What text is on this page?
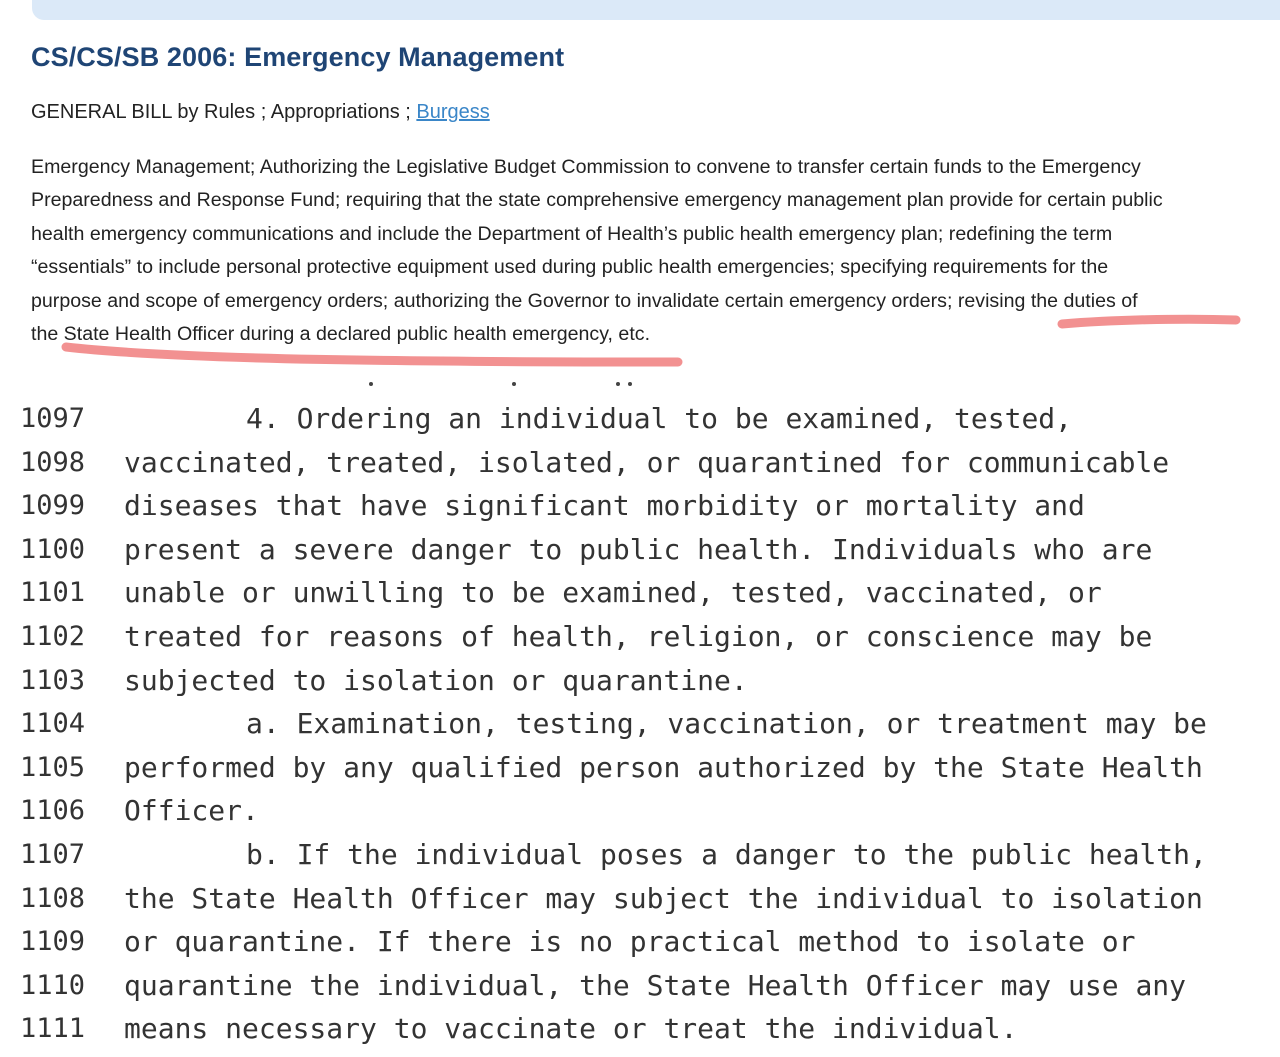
CS/CS/SB 2006: Emergency Management
GENERAL BILL by Rules ; Appropriations ; Burgess
Emergency Management; Authorizing the Legislative Budget Commission to convene to transfer certain funds to the Emergency
Preparedness and Response Fund; requiring that the state comprehensive emergency management plan provide for certain public
health emergency communications and include the Department of Health’s public health emergency plan; redefining the term
“essentials” to include personal protective equipment used during public health emergencies; specifying requirements for the
purpose and scope of emergency orders; authorizing the Governor to invalidate certain emergency orders; revising the duties of
the State Health Officer during a declared public health emergency, etc.
1097	4. Ordering an individual to be examined, tested,
1098 vaccinated, treated, isolated, or quarantined for communicable
1099 diseases that have significant morbidity or mortality and
1100 present a severe danger to public health. Individuals who are
1101 unable or unwilling to be examined, tested, vaccinated, or
1102 treated for reasons of health, religion, or conscience may be
1103 subjected to isolation or quarantine.
1104	a. Examination, testing, vaccination, or treatment may be
1105 performed by any qualified person authorized by the State Health
1106 Officer.
1107	b. If the individual poses a danger to the public health,
1108 the State Health Officer may subject the individual to isolation
1109 or quarantine. If there is no practical method to isolate or
1110 quarantine the individual, the State Health Officer may use any
1111 means necessary to vaccinate or treat the individual.
